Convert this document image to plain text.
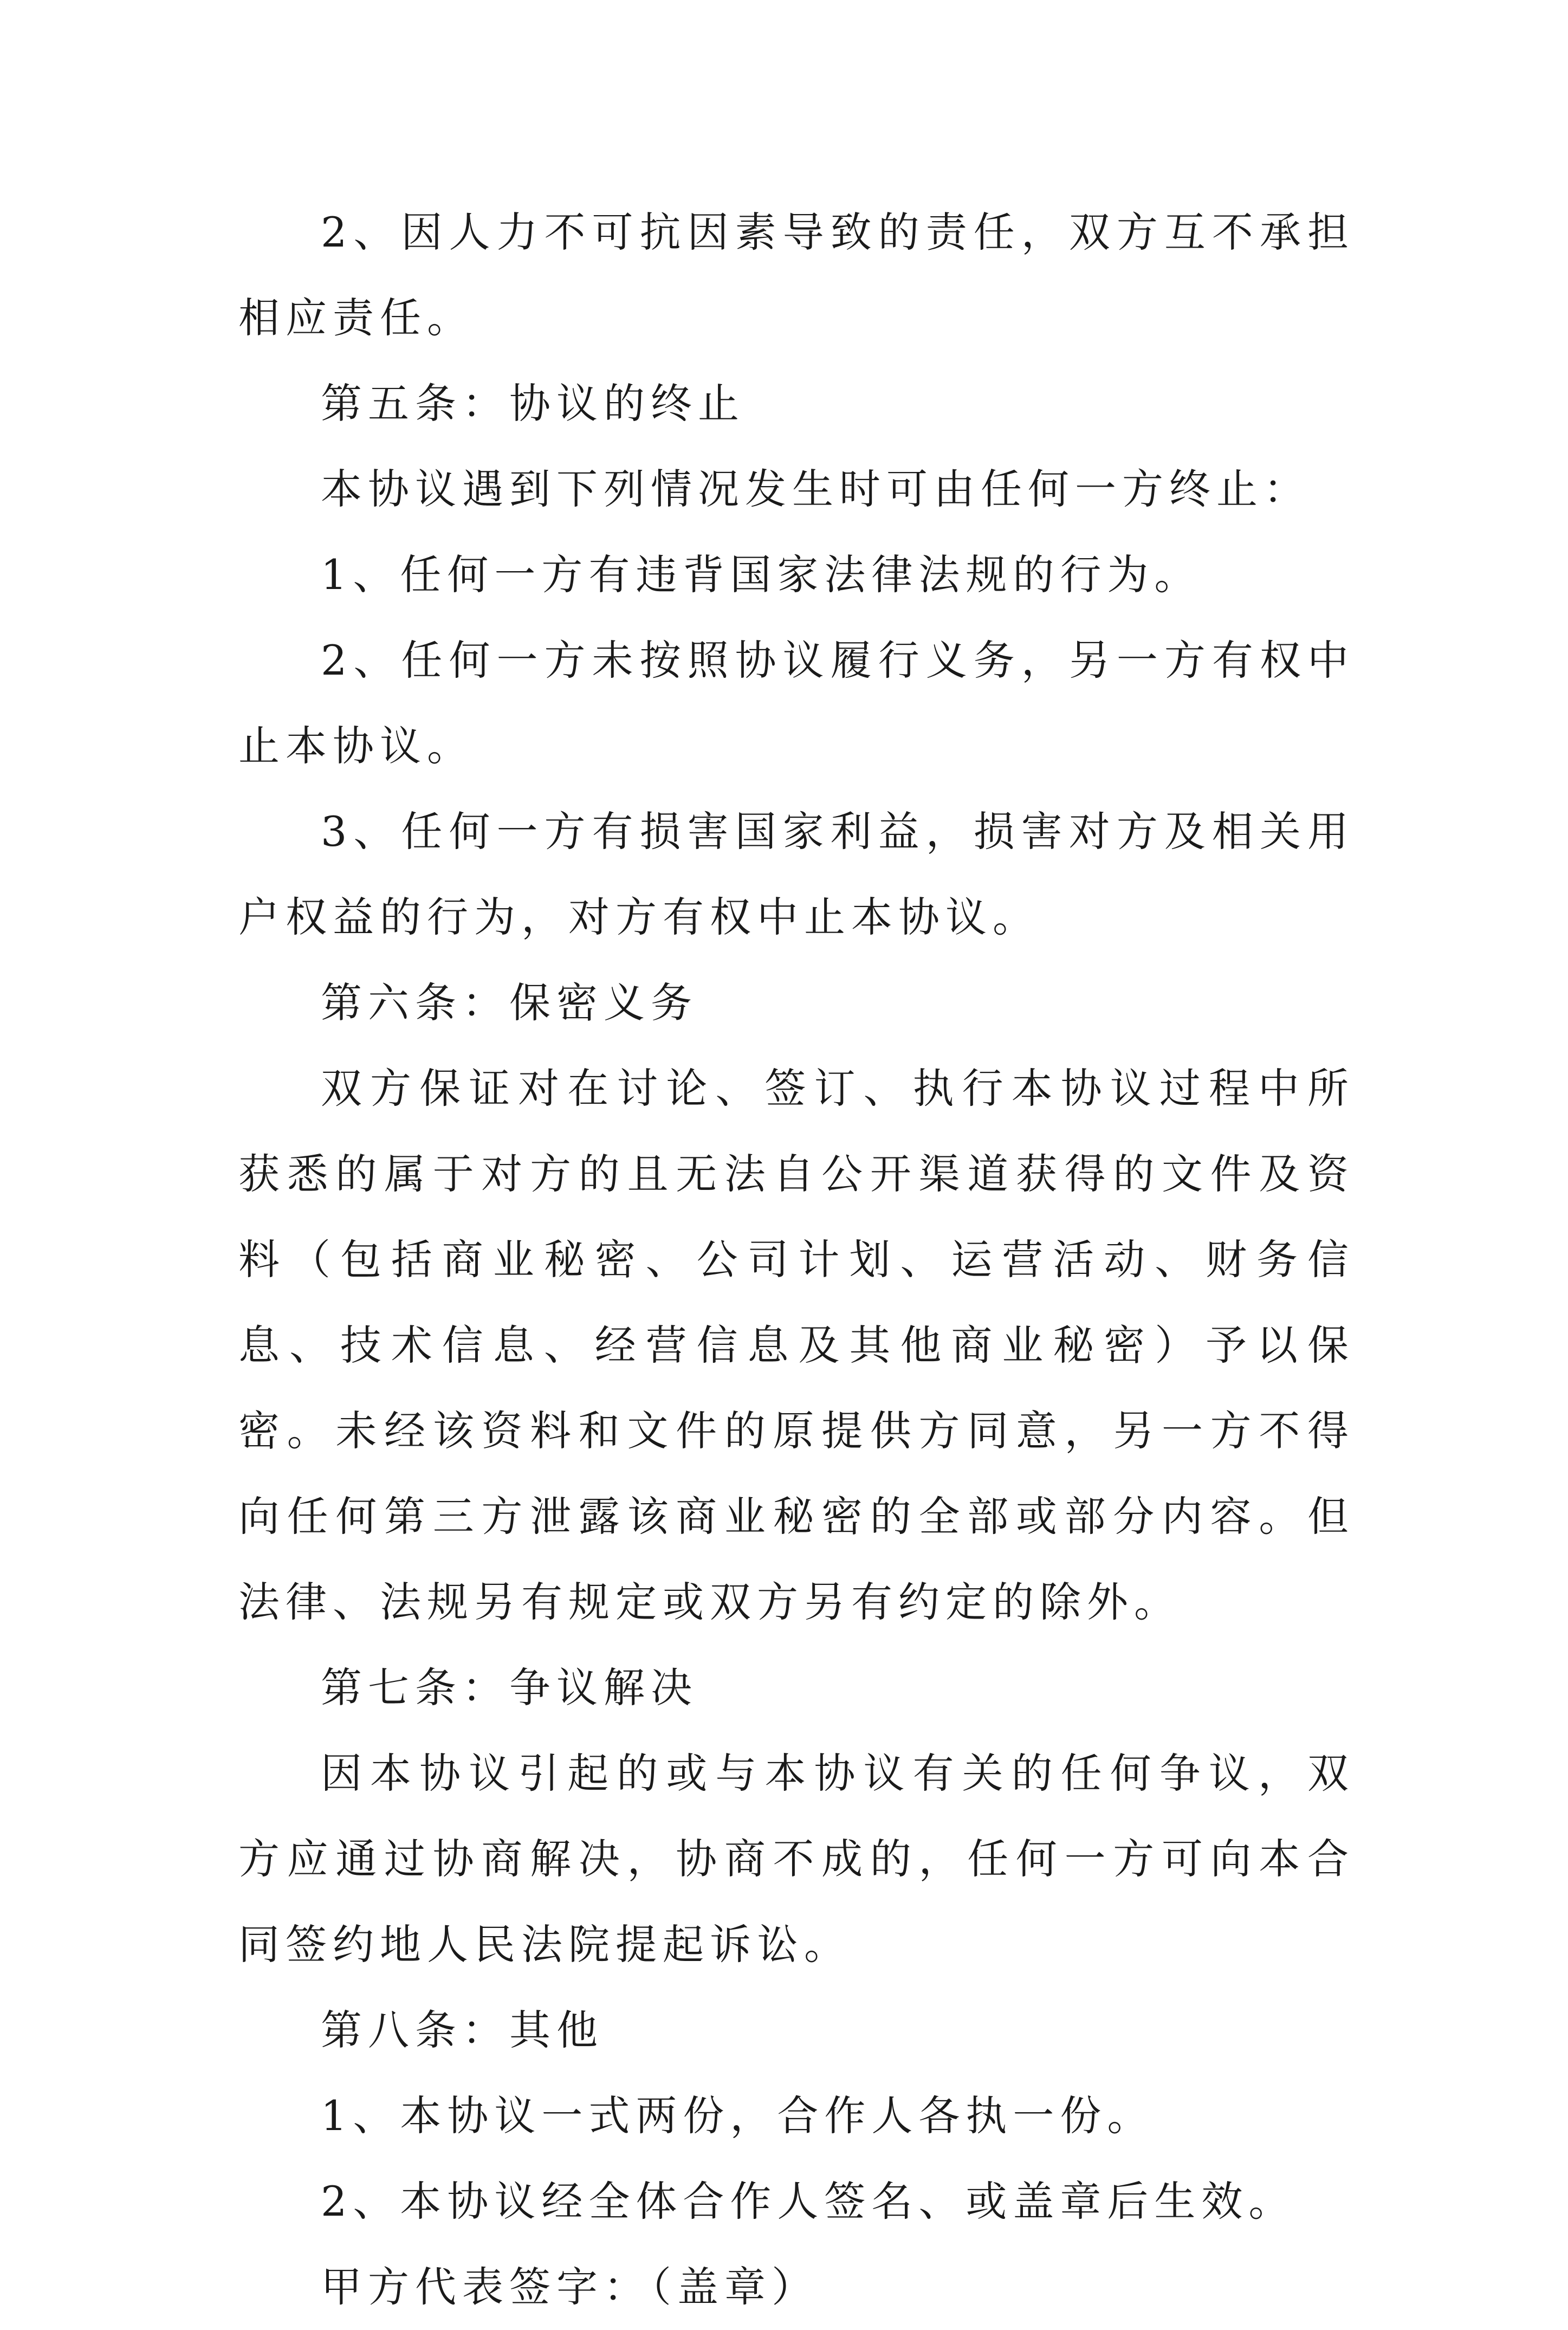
2、因人力不可抗因素导致的责任，双方互不承担相应责任。

第五条：协议的终止

本协议遇到下列情况发生时可由任何一方终止：

1、任何一方有违背国家法律法规的行为。

2、任何一方未按照协议履行义务，另一方有权中止本协议。

3、任何一方有损害国家利益，损害对方及相关用户权益的行为，对方有权中止本协议。

第六条：保密义务

双方保证对在讨论、签订、执行本协议过程中所获悉的属于对方的且无法自公开渠道获得的文件及资料（包括商业秘密、公司计划、运营活动、财务信息、技术信息、经营信息及其他商业秘密）予以保密。未经该资料和文件的原提供方同意，另一方不得向任何第三方泄露该商业秘密的全部或部分内容。但法律、法规另有规定或双方另有约定的除外。

第七条：争议解决

因本协议引起的或与本协议有关的任何争议，双方应通过协商解决，协商不成的，任何一方可向本合同签约地人民法院提起诉讼。

第八条：其他

1、本协议一式两份，合作人各执一份。

2、本协议经全体合作人签名、或盖章后生效。

甲方代表签字：（盖章）
